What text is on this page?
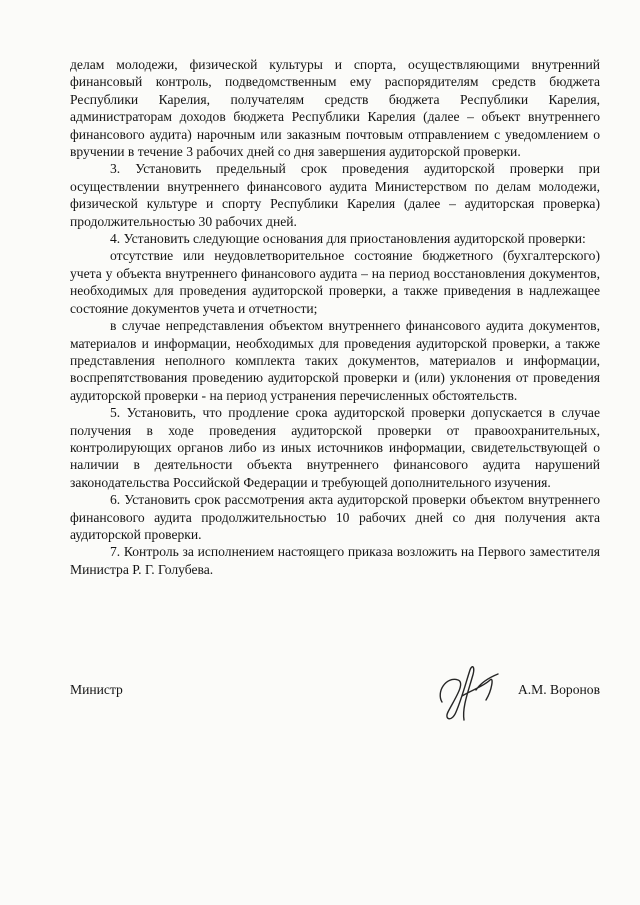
делам молодежи, физической культуры и спорта, осуществляющими внутренний финансовый контроль, подведомственным ему распорядителям средств бюджета Республики Карелия, получателям средств бюджета Республики Карелия, администраторам доходов бюджета Республики Карелия (далее – объект внутреннего финансового аудита) нарочным или заказным почтовым отправлением с уведомлением о вручении в течение 3 рабочих дней со дня завершения аудиторской проверки.

3. Установить предельный срок проведения аудиторской проверки при осуществлении внутреннего финансового аудита Министерством по делам молодежи, физической культуре и спорту Республики Карелия (далее – аудиторская проверка) продолжительностью 30 рабочих дней.

4. Установить следующие основания для приостановления аудиторской проверки:

отсутствие или неудовлетворительное состояние бюджетного (бухгалтерского) учета у объекта внутреннего финансового аудита – на период восстановления документов, необходимых для проведения аудиторской проверки, а также приведения в надлежащее состояние документов учета и отчетности;

в случае непредставления объектом внутреннего финансового аудита документов, материалов и информации, необходимых для проведения аудиторской проверки, а также представления неполного комплекта таких документов, материалов и информации, воспрепятствования проведению аудиторской проверки и (или) уклонения от проведения аудиторской проверки - на период устранения перечисленных обстоятельств.

5. Установить, что продление срока аудиторской проверки допускается в случае получения в ходе проведения аудиторской проверки от правоохранительных, контролирующих органов либо из иных источников информации, свидетельствующей о наличии в деятельности объекта внутреннего финансового аудита нарушений законодательства Российской Федерации и требующей дополнительного изучения.

6. Установить срок рассмотрения акта аудиторской проверки объектом внутреннего финансового аудита продолжительностью 10 рабочих дней со дня получения акта аудиторской проверки.

7. Контроль за исполнением настоящего приказа возложить на Первого заместителя Министра Р. Г. Голубева.

Министр	А.М. Воронов
